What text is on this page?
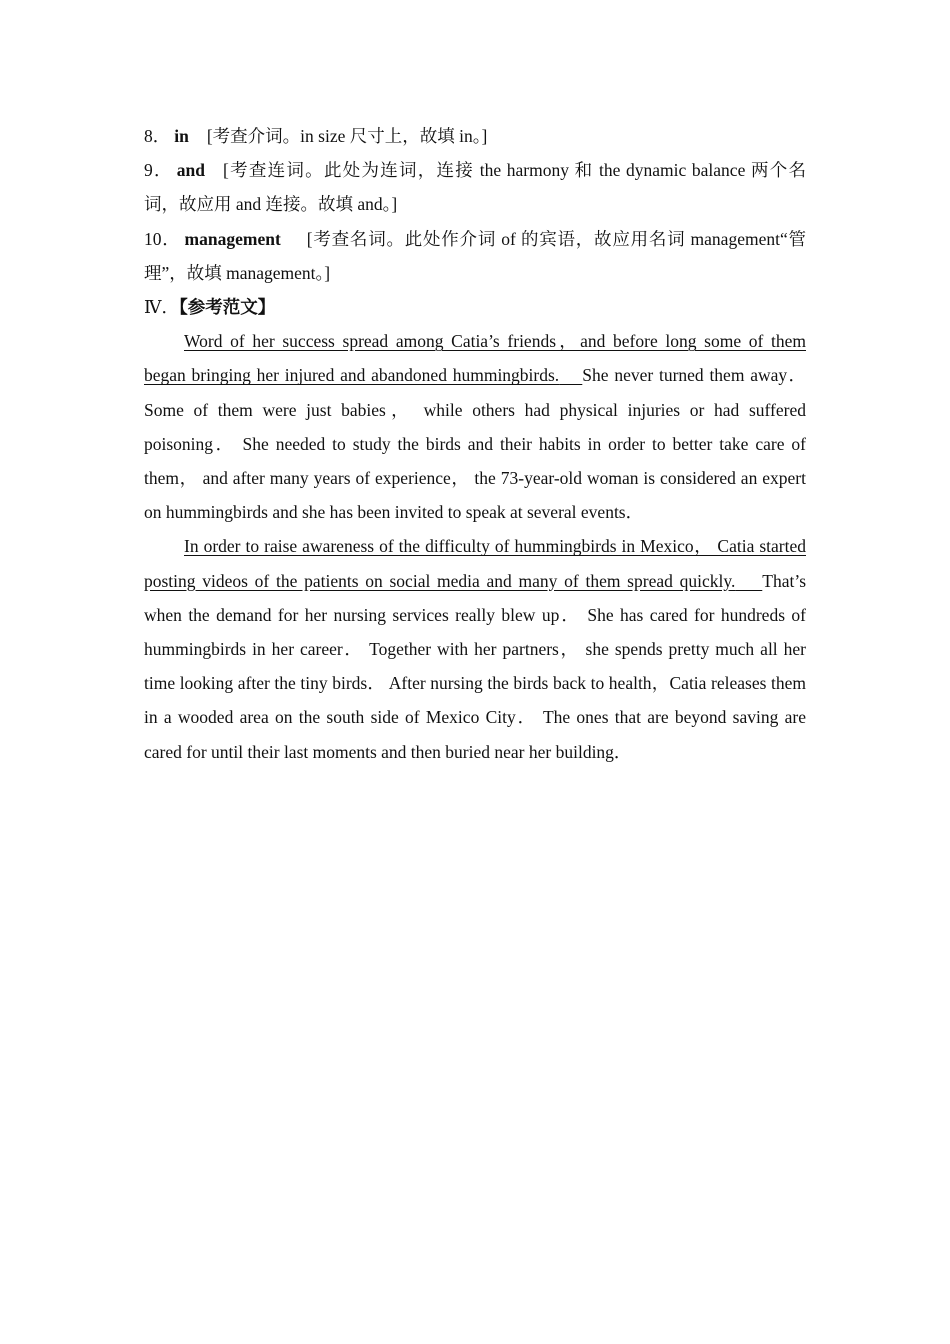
8． in [考查介词。in size 尺寸上，故填 in。]
9． and [考查连词。此处为连词，连接 the harmony 和 the dynamic balance 两个名词，故应用 and 连接。故填 and。]
10． management [考查名词。此处作介词 of 的宾语，故应用名词 management“管理”，故填 management。]
Ⅳ．【参考范文】

Word of her success spread among Catia’s friends，and before long some of them began bringing her injured and abandoned hummingbirds. She never turned them away． Some of them were just babies， while others had physical injuries or had suffered poisoning． She needed to study the birds and their habits in order to better take care of them， and after many years of experience， the 73-year-old woman is considered an expert on hummingbirds and she has been invited to speak at several events．

In order to raise awareness of the difficulty of hummingbirds in Mexico， Catia started posting videos of the patients on social media and many of them spread quickly. That’s when the demand for her nursing services really blew up． She has cared for hundreds of hummingbirds in her career． Together with her partners， she spends pretty much all her time looking after the tiny birds． After nursing the birds back to health，Catia releases them in a wooded area on the south side of Mexico City． The ones that are beyond saving are cared for until their last moments and then buried near her building．
